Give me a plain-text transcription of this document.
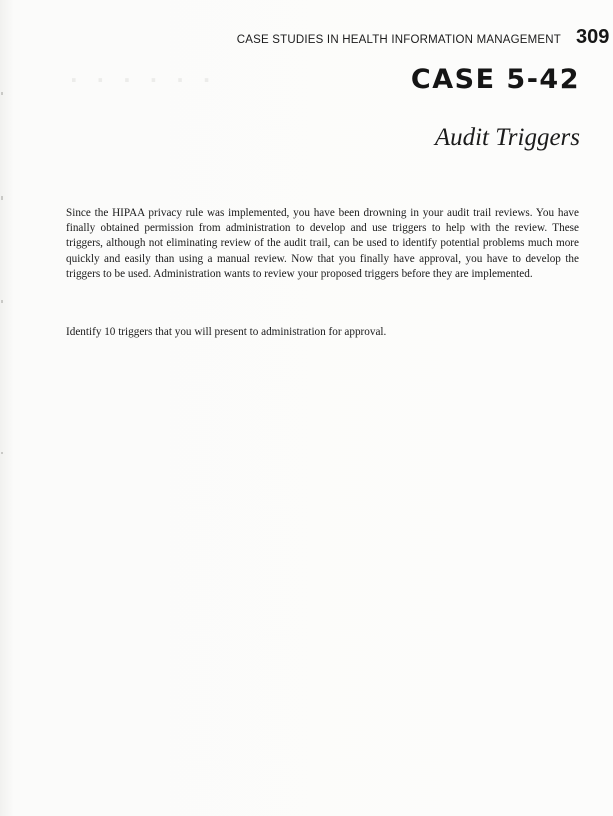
CASE STUDIES IN HEALTH INFORMATION MANAGEMENT 309
· · · · · ·	CASE 5-42
Audit Triggers

Since the HIPAA privacy rule was implemented, you have been drowning in your audit trail reviews. You have finally obtained permission from administration to develop and use triggers to help with the review. These triggers, although not eliminating review of the audit trail, can be used to identify potential problems much more quickly and easily than using a manual review. Now that you finally have approval, you have to develop the triggers to be used. Administration wants to review your proposed triggers before they are implemented.

Identify 10 triggers that you will present to administration for approval.
